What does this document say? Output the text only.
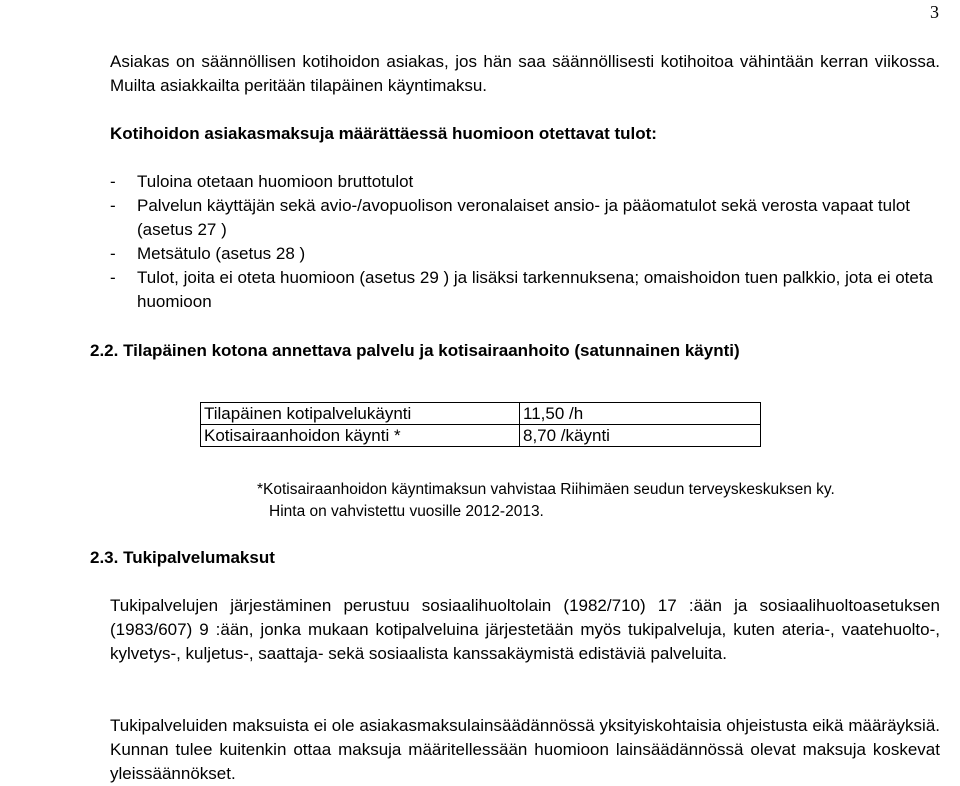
3

Asiakas on säännöllisen kotihoidon asiakas, jos hän saa säännöllisesti kotihoitoa vähintään kerran viikossa. Muilta asiakkailta peritään tilapäinen käyntimaksu.

Kotihoidon asiakasmaksuja määrättäessä huomioon otettavat tulot:

- Tuloina otetaan huomioon bruttotulot
- Palvelun käyttäjän sekä avio-/avopuolison veronalaiset ansio- ja pääomatulot sekä verosta vapaat tulot (asetus 27 )
- Metsätulo (asetus 28 )
- Tulot, joita ei oteta huomioon (asetus 29 ) ja lisäksi tarkennuksena; omaishoidon tuen palkkio, jota ei oteta huomioon

2.2. Tilapäinen kotona annettava palvelu ja kotisairaanhoito (satunnainen käynti)

Tilapäinen kotipalvelukäynti	11,50 /h
Kotisairaanhoidon käynti *	8,70 /käynti

*Kotisairaanhoidon käyntimaksun vahvistaa Riihimäen seudun terveyskeskuksen ky.
Hinta on vahvistettu vuosille 2012-2013.

2.3. Tukipalvelumaksut

Tukipalvelujen järjestäminen perustuu sosiaalihuoltolain (1982/710) 17 :ään ja sosiaalihuoltoasetuksen (1983/607) 9 :ään, jonka mukaan kotipalveluina järjestetään myös tukipalveluja, kuten ateria-, vaatehuolto-, kylvetys-, kuljetus-, saattaja- sekä sosiaalista kanssakäymistä edistäviä palveluita.

Tukipalveluiden maksuista ei ole asiakasmaksulainsäädännössä yksityiskohtaisia ohjeistusta eikä määräyksiä. Kunnan tulee kuitenkin ottaa maksuja määritellessään huomioon lainsäädännössä olevat maksuja koskevat yleissäännökset.
